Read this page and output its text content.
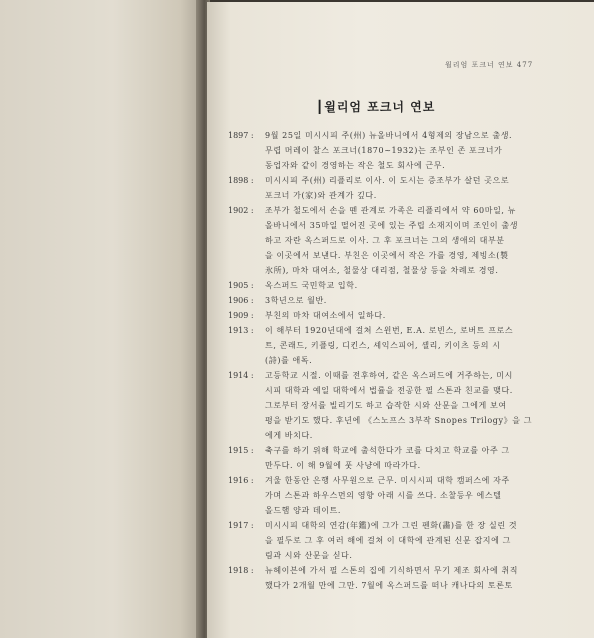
윌리엄 포크너 연보 477
┃윌리엄 포크너 연보
1897 :	9월 25일 미시시피 주(州) 뉴올바니에서 4형제의 장남으로 출생.
무렵 머레이 찰스 포크너(1870~1932)는 조부인 존 포크너가
동업자와 같이 경영하는 작은 철도 회사에 근무.
1898 :	미시시피 주(州) 리플리로 이사. 이 도시는 증조부가 살던 곳으로
포크너 가(家)와 관계가 깊다.
1902 :	조부가 철도에서 손을 뗀 관계로 가족은 리플리에서 약 60마일, 뉴
올바니에서 35마일 떨어진 곳에 있는 주립 소재지이며 조인이 출생
하고 자란 옥스퍼드로 이사. 그 후 포크너는 그의 생애의 대부분
을 이곳에서 보낸다. 부친은 이곳에서 작은 가를 경영, 제빙소(製
氷所), 마차 대여소, 철물상 대리점, 철물상 등을 차례로 경영.
1905 :	옥스퍼드 국민학교 입학.
1906 :	3학년으로 월반.
1909 :	부친의 마차 대여소에서 일하다.
1913 :	이 해부터 1920년대에 걸쳐 스윈번, E.A. 로빈스, 로버트 프로스
트, 콘래드, 키플링, 디킨스, 셰익스피어, 셸리, 키이츠 등의 시
(詩)를 애독.
1914 :	고등학교 시절. 이때를 전후하여, 같은 옥스퍼드에 거주하는, 미시
시피 대학과 예일 대학에서 법률을 전공한 필 스톤과 친교를 맺다.
그로부터 장서를 빌리기도 하고 습작한 시와 산문을 그에게 보여
평을 받기도 했다. 후년에 《스노프스 3부작 Snopes Trilogy》을 그
에게 바치다.
1915 :	축구를 하기 위해 학교에 출석한다가 코를 다치고 학교를 아주 그
만두다. 이 해 9월에 풋 사냥에 따라가다.
1916 :	겨울 한동안 은행 사무원으로 근무. 미시시피 대학 캠퍼스에 자주
가며 스톤과 하우스먼의 영향 아래 시를 쓰다. 소찰등우 에스텔
올드햄 양과 데이트.
1917 :	미시시피 대학의 연감(年鑑)에 그가 그린 펜화(畵)를 한 장 실린 것
을 필두로 그 후 여러 해에 걸쳐 이 대학에 관계된 신문 잡지에 그
림과 시와 산문을 싣다.
1918 :	뉴헤이븐에 가서 필 스톤의 집에 기식하면서 무기 제조 회사에 취직
했다가 2개월 만에 그만. 7월에 옥스퍼드를 떠나 캐나다의 토론토
